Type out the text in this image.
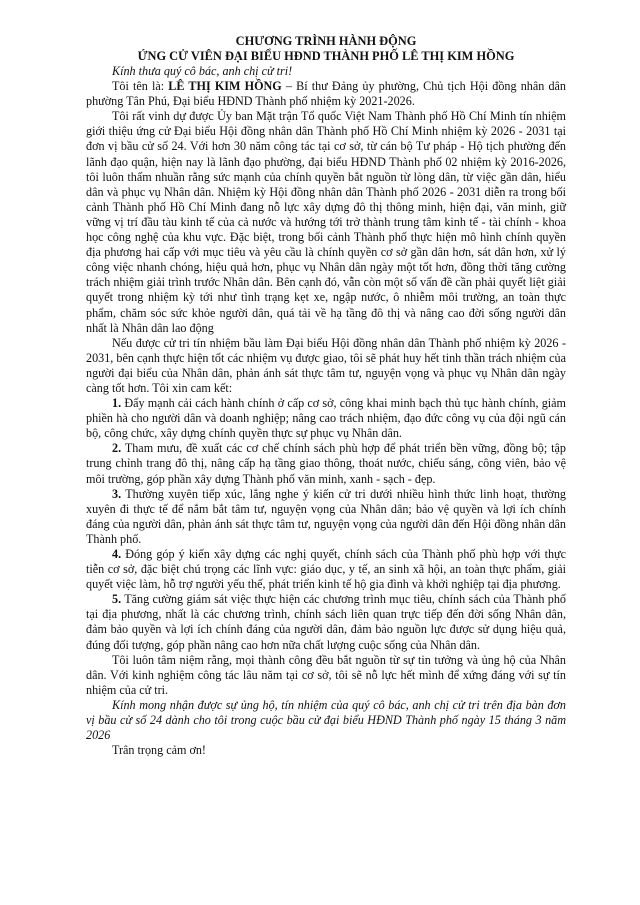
CHƯƠNG TRÌNH HÀNH ĐỘNG

ỨNG CỬ VIÊN ĐẠI BIỂU HĐND THÀNH PHỐ LÊ THỊ KIM HỒNG

Kính thưa quý cô bác, anh chị cử tri!

Tôi tên là: LÊ THỊ KIM HỒNG – Bí thư Đảng ủy phường, Chủ tịch Hội đồng nhân dân phường Tân Phú, Đại biểu HĐND Thành phố nhiệm kỳ 2021-2026.

Tôi rất vinh dự được Ủy ban Mặt trận Tổ quốc Việt Nam Thành phố Hồ Chí Minh tín nhiệm giới thiệu ứng cử Đại biểu Hội đồng nhân dân Thành phố Hồ Chí Minh nhiệm kỳ 2026 - 2031 tại đơn vị bầu cử số 24. Với hơn 30 năm công tác tại cơ sở, từ cán bộ Tư pháp - Hộ tịch phường đến lãnh đạo quận, hiện nay là lãnh đạo phường, đại biểu HĐND Thành phố 02 nhiệm kỳ 2016-2026, tôi luôn thấm nhuần rằng sức mạnh của chính quyền bắt nguồn từ lòng dân, từ việc gần dân, hiểu dân và phục vụ Nhân dân. Nhiệm kỳ Hội đồng nhân dân Thành phố 2026 - 2031 diễn ra trong bối cảnh Thành phố Hồ Chí Minh đang nỗ lực xây dựng đô thị thông minh, hiện đại, văn minh, giữ vững vị trí đầu tàu kinh tế của cả nước và hướng tới trở thành trung tâm kinh tế - tài chính - khoa học công nghệ của khu vực. Đặc biệt, trong bối cảnh Thành phố thực hiện mô hình chính quyền địa phương hai cấp với mục tiêu và yêu cầu là chính quyền cơ sở gần dân hơn, sát dân hơn, xử lý công việc nhanh chóng, hiệu quả hơn, phục vụ Nhân dân ngày một tốt hơn, đồng thời tăng cường trách nhiệm giải trình trước Nhân dân. Bên cạnh đó, vẫn còn một số vấn đề cần phải quyết liệt giải quyết trong nhiệm kỳ tới như tình trạng kẹt xe, ngập nước, ô nhiễm môi trường, an toàn thực phẩm, chăm sóc sức khỏe người dân, quá tải về hạ tầng đô thị và nâng cao đời sống người dân nhất là Nhân dân lao động

Nếu được cử tri tín nhiệm bầu làm Đại biểu Hội đồng nhân dân Thành phố nhiệm kỳ 2026 - 2031, bên cạnh thực hiện tốt các nhiệm vụ được giao, tôi sẽ phát huy hết tinh thần trách nhiệm của người đại biểu của Nhân dân, phản ánh sát thực tâm tư, nguyện vọng và phục vụ Nhân dân ngày càng tốt hơn. Tôi xin cam kết:

1. Đẩy mạnh cải cách hành chính ở cấp cơ sở, công khai minh bạch thủ tục hành chính, giảm phiền hà cho người dân và doanh nghiệp; nâng cao trách nhiệm, đạo đức công vụ của đội ngũ cán bộ, công chức, xây dựng chính quyền thực sự phục vụ Nhân dân.

2. Tham mưu, đề xuất các cơ chế chính sách phù hợp để phát triển bền vững, đồng bộ; tập trung chỉnh trang đô thị, nâng cấp hạ tầng giao thông, thoát nước, chiếu sáng, công viên, bảo vệ môi trường, góp phần xây dựng Thành phố văn minh, xanh - sạch - đẹp.

3. Thường xuyên tiếp xúc, lắng nghe ý kiến cử tri dưới nhiều hình thức linh hoạt, thường xuyên đi thực tế để nắm bắt tâm tư, nguyện vọng của Nhân dân; bảo vệ quyền và lợi ích chính đáng của người dân, phản ánh sát thực tâm tư, nguyện vọng của người dân đến Hội đồng nhân dân Thành phố.

4. Đóng góp ý kiến xây dựng các nghị quyết, chính sách của Thành phố phù hợp với thực tiễn cơ sở, đặc biệt chú trọng các lĩnh vực: giáo dục, y tế, an sinh xã hội, an toàn thực phẩm, giải quyết việc làm, hỗ trợ người yếu thế, phát triển kinh tế hộ gia đình và khởi nghiệp tại địa phương.

5. Tăng cường giám sát việc thực hiện các chương trình mục tiêu, chính sách của Thành phố tại địa phương, nhất là các chương trình, chính sách liên quan trực tiếp đến đời sống Nhân dân, đảm bảo quyền và lợi ích chính đáng của người dân, đảm bảo nguồn lực được sử dụng hiệu quả, đúng đối tượng, góp phần nâng cao hơn nữa chất lượng cuộc sống của Nhân dân.

Tôi luôn tâm niệm rằng, mọi thành công đều bắt nguồn từ sự tin tưởng và ủng hộ của Nhân dân. Với kinh nghiệm công tác lâu năm tại cơ sở, tôi sẽ nỗ lực hết mình để xứng đáng với sự tín nhiệm của cử tri.

Kính mong nhận được sự ủng hộ, tín nhiệm của quý cô bác, anh chị cử tri trên địa bàn đơn vị bầu cử số 24 dành cho tôi trong cuộc bầu cử đại biểu HĐND Thành phố ngày 15 tháng 3 năm 2026

Trân trọng cảm ơn!
